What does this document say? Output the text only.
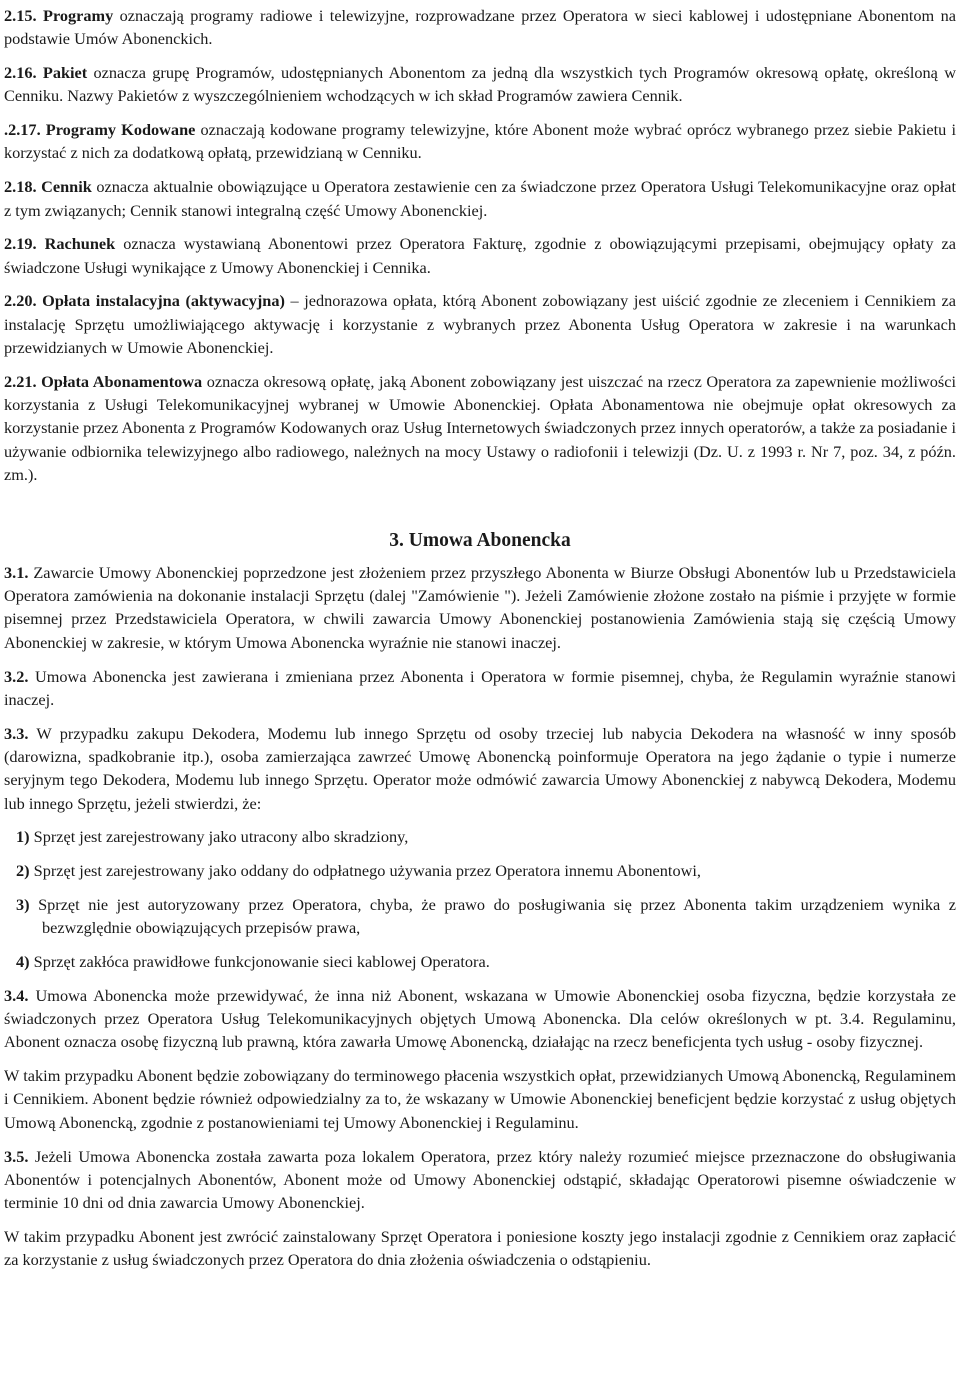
2.15. Programy oznaczają programy radiowe i telewizyjne, rozprowadzane przez Operatora w sieci kablowej i udostępniane Abonentom na podstawie Umów Abonenckich.

2.16. Pakiet oznacza grupę Programów, udostępnianych Abonentom za jedną dla wszystkich tych Programów okresową opłatę, określoną w Cenniku. Nazwy Pakietów z wyszczególnieniem wchodzących w ich skład Programów zawiera Cennik.

.2.17. Programy Kodowane oznaczają kodowane programy telewizyjne, które Abonent może wybrać oprócz wybranego przez siebie Pakietu i korzystać z nich za dodatkową opłatą, przewidzianą w Cenniku.

2.18. Cennik oznacza aktualnie obowiązujące u Operatora zestawienie cen za świadczone przez Operatora Usługi Telekomunikacyjne oraz opłat z tym związanych; Cennik stanowi integralną część Umowy Abonenckiej.

2.19. Rachunek oznacza wystawianą Abonentowi przez Operatora Fakturę, zgodnie z obowiązującymi przepisami, obejmujący opłaty za świadczone Usługi wynikające z Umowy Abonenckiej i Cennika.

2.20. Opłata instalacyjna (aktywacyjna) – jednorazowa opłata, którą Abonent zobowiązany jest uiścić zgodnie ze zleceniem i Cennikiem za instalację Sprzętu umożliwiającego aktywację i korzystanie z wybranych przez Abonenta Usług Operatora w zakresie i na warunkach przewidzianych w Umowie Abonenckiej.

2.21. Opłata Abonamentowa oznacza okresową opłatę, jaką Abonent zobowiązany jest uiszczać na rzecz Operatora za zapewnienie możliwości korzystania z Usługi Telekomunikacyjnej wybranej w Umowie Abonenckiej. Opłata Abonamentowa nie obejmuje opłat okresowych za korzystanie przez Abonenta z Programów Kodowanych oraz Usług Internetowych świadczonych przez innych operatorów, a także za posiadanie i używanie odbiornika telewizyjnego albo radiowego, należnych na mocy Ustawy o radiofonii i telewizji (Dz. U. z 1993 r. Nr 7, poz. 34, z późn. zm.).

3. Umowa Abonencka

3.1. Zawarcie Umowy Abonenckiej poprzedzone jest złożeniem przez przyszłego Abonenta w Biurze Obsługi Abonentów lub u Przedstawiciela Operatora zamówienia na dokonanie instalacji Sprzętu (dalej "Zamówienie "). Jeżeli Zamówienie złożone zostało na piśmie i przyjęte w formie pisemnej przez Przedstawiciela Operatora, w chwili zawarcia Umowy Abonenckiej postanowienia Zamówienia stają się częścią Umowy Abonenckiej w zakresie, w którym Umowa Abonencka wyraźnie nie stanowi inaczej.

3.2. Umowa Abonencka jest zawierana i zmieniana przez Abonenta i Operatora w formie pisemnej, chyba, że Regulamin wyraźnie stanowi inaczej.

3.3. W przypadku zakupu Dekodera, Modemu lub innego Sprzętu od osoby trzeciej lub nabycia Dekodera na własność w inny sposób (darowizna, spadkobranie itp.), osoba zamierzająca zawrzeć Umowę Abonencką poinformuje Operatora na jego żądanie o typie i numerze seryjnym tego Dekodera, Modemu lub innego Sprzętu. Operator może odmówić zawarcia Umowy Abonenckiej z nabywcą Dekodera, Modemu lub innego Sprzętu, jeżeli stwierdzi, że:

1) Sprzęt jest zarejestrowany jako utracony albo skradziony,
2) Sprzęt jest zarejestrowany jako oddany do odpłatnego używania przez Operatora innemu Abonentowi,
3) Sprzęt nie jest autoryzowany przez Operatora, chyba, że prawo do posługiwania się przez Abonenta takim urządzeniem wynika z bezwzględnie obowiązujących przepisów prawa,
4) Sprzęt zakłóca prawidłowe funkcjonowanie sieci kablowej Operatora.

3.4. Umowa Abonencka może przewidywać, że inna niż Abonent, wskazana w Umowie Abonenckiej osoba fizyczna, będzie korzystała ze świadczonych przez Operatora Usług Telekomunikacyjnych objętych Umową Abonencka. Dla celów określonych w pt. 3.4. Regulaminu, Abonent oznacza osobę fizyczną lub prawną, która zawarła Umowę Abonencką, działając na rzecz beneficjenta tych usług - osoby fizycznej.

W takim przypadku Abonent będzie zobowiązany do terminowego płacenia wszystkich opłat, przewidzianych Umową Abonencką, Regulaminem i Cennikiem. Abonent będzie również odpowiedzialny za to, że wskazany w Umowie Abonenckiej beneficjent będzie korzystać z usług objętych Umową Abonencką, zgodnie z postanowieniami tej Umowy Abonenckiej i Regulaminu.

3.5. Jeżeli Umowa Abonencka została zawarta poza lokalem Operatora, przez który należy rozumieć miejsce przeznaczone do obsługiwania Abonentów i potencjalnych Abonentów, Abonent może od Umowy Abonenckiej odstąpić, składając Operatorowi pisemne oświadczenie w terminie 10 dni od dnia zawarcia Umowy Abonenckiej.

W takim przypadku Abonent jest zwrócić zainstalowany Sprzęt Operatora i poniesione koszty jego instalacji zgodnie z Cennikiem oraz zapłacić za korzystanie z usług świadczonych przez Operatora do dnia złożenia oświadczenia o odstąpieniu.
